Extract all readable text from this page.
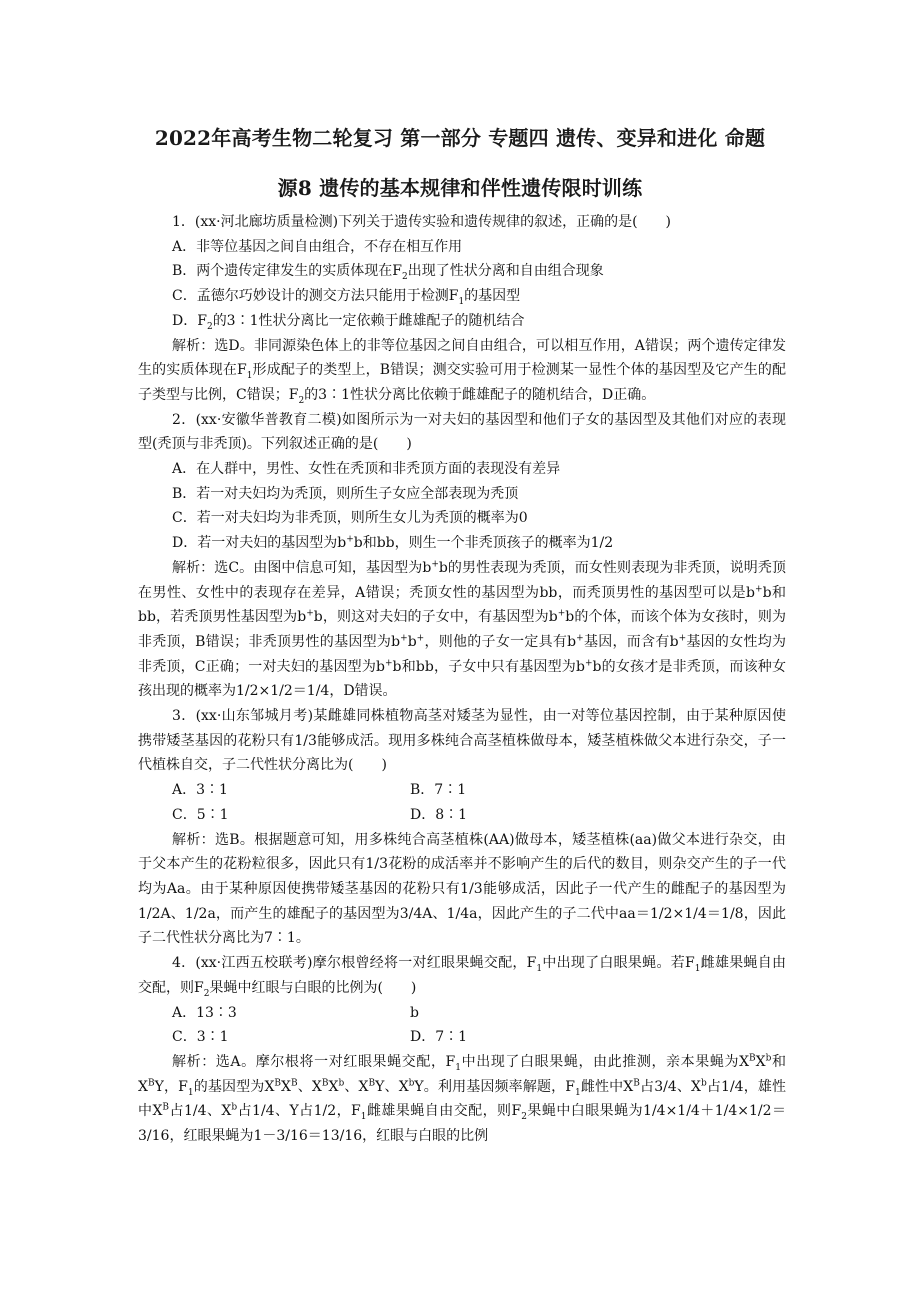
2022年高考生物二轮复习 第一部分 专题四 遗传、变异和进化 命题
源8 遗传的基本规律和伴性遗传限时训练

1．(xx·河北廊坊质量检测)下列关于遗传实验和遗传规律的叙述，正确的是(　　)

A．非等位基因之间自由组合，不存在相互作用

B．两个遗传定律发生的实质体现在$F_2$出现了性状分离和自由组合现象

C．孟德尔巧妙设计的测交方法只能用于检测$F_1$的基因型

D．$F_2$的3∶1性状分离比一定依赖于雌雄配子的随机结合

解析：选D。非同源染色体上的非等位基因之间自由组合，可以相互作用，A错误；两个遗传定律发生的实质体现在$F_1$形成配子的类型上，B错误；测交实验可用于检测某一显性个体的基因型及它产生的配子类型与比例，C错误；$F_2$的3∶1性状分离比依赖于雌雄配子的随机结合，D正确。

2．(xx·安徽华普教育二模)如图所示为一对夫妇的基因型和他们子女的基因型及其他们对应的表现型(秃顶与非秃顶)。下列叙述正确的是(　　)

A．在人群中，男性、女性在秃顶和非秃顶方面的表现没有差异

B．若一对夫妇均为秃顶，则所生子女应全部表现为秃顶

C．若一对夫妇均为非秃顶，则所生女儿为秃顶的概率为0

D．若一对夫妇的基因型为b+b和bb，则生一个非秃顶孩子的概率为1/2

解析：选C。由图中信息可知，基因型为b+b的男性表现为秃顶，而女性则表现为非秃顶，说明秃顶在男性、女性中的表现存在差异，A错误；秃顶女性的基因型为bb，而秃顶男性的基因型可以是b+b和bb，若秃顶男性基因型为b+b，则这对夫妇的子女中，有基因型为b+b的个体，而该个体为女孩时，则为非秃顶，B错误；非秃顶男性的基因型为b+b+，则他的子女一定具有b+基因，而含有b+基因的女性均为非秃顶，C正确；一对夫妇的基因型为b+b和bb，子女中只有基因型为b+b的女孩才是非秃顶，而该种女孩出现的概率为1/2×1/2＝1/4，D错误。

3．(xx·山东邹城月考)某雌雄同株植物高茎对矮茎为显性，由一对等位基因控制，由于某种原因使携带矮茎基因的花粉只有1/3能够成活。现用多株纯合高茎植株做母本，矮茎植株做父本进行杂交，子一代植株自交，子二代性状分离比为(　　)

A．3∶1	B．7∶1
C．5∶1	D．8∶1

解析：选B。根据题意可知，用多株纯合高茎植株(AA)做母本，矮茎植株(aa)做父本进行杂交，由于父本产生的花粉粒很多，因此只有1/3花粉的成活率并不影响产生的后代的数目，则杂交产生的子一代均为Aa。由于某种原因使携带矮茎基因的花粉只有1/3能够成活，因此子一代产生的雌配子的基因型为1/2A、1/2a，而产生的雄配子的基因型为3/4A、1/4a，因此产生的子二代中aa＝1/2×1/4＝1/8，因此子二代性状分离比为7∶1。

4．(xx·江西五校联考)摩尔根曾经将一对红眼果蝇交配，$F_1$中出现了白眼果蝇。若$F_1$雌雄果蝇自由交配，则$F_2$果蝇中红眼与白眼的比例为(　　)

A．13∶3	b
C．3∶1	D．7∶1

解析：选A。摩尔根将一对红眼果蝇交配，$F_1$中出现了白眼果蝇，由此推测，亲本果蝇为$X^BX^b$和$X^BY$，$F_1$的基因型为$X^BX^B$、$X^BX^b$、$X^BY$、$X^bY$。利用基因频率解题，$F_1$雌性中$X^B$占3/4、$X^b$占1/4，雄性中$X^B$占1/4、$X^b$占1/4、Y占1/2，$F_1$雌雄果蝇自由交配，则$F_2$果蝇中白眼果蝇为1/4×1/4＋1/4×1/2＝3/16，红眼果蝇为1－3/16＝13/16，红眼与白眼的比例
